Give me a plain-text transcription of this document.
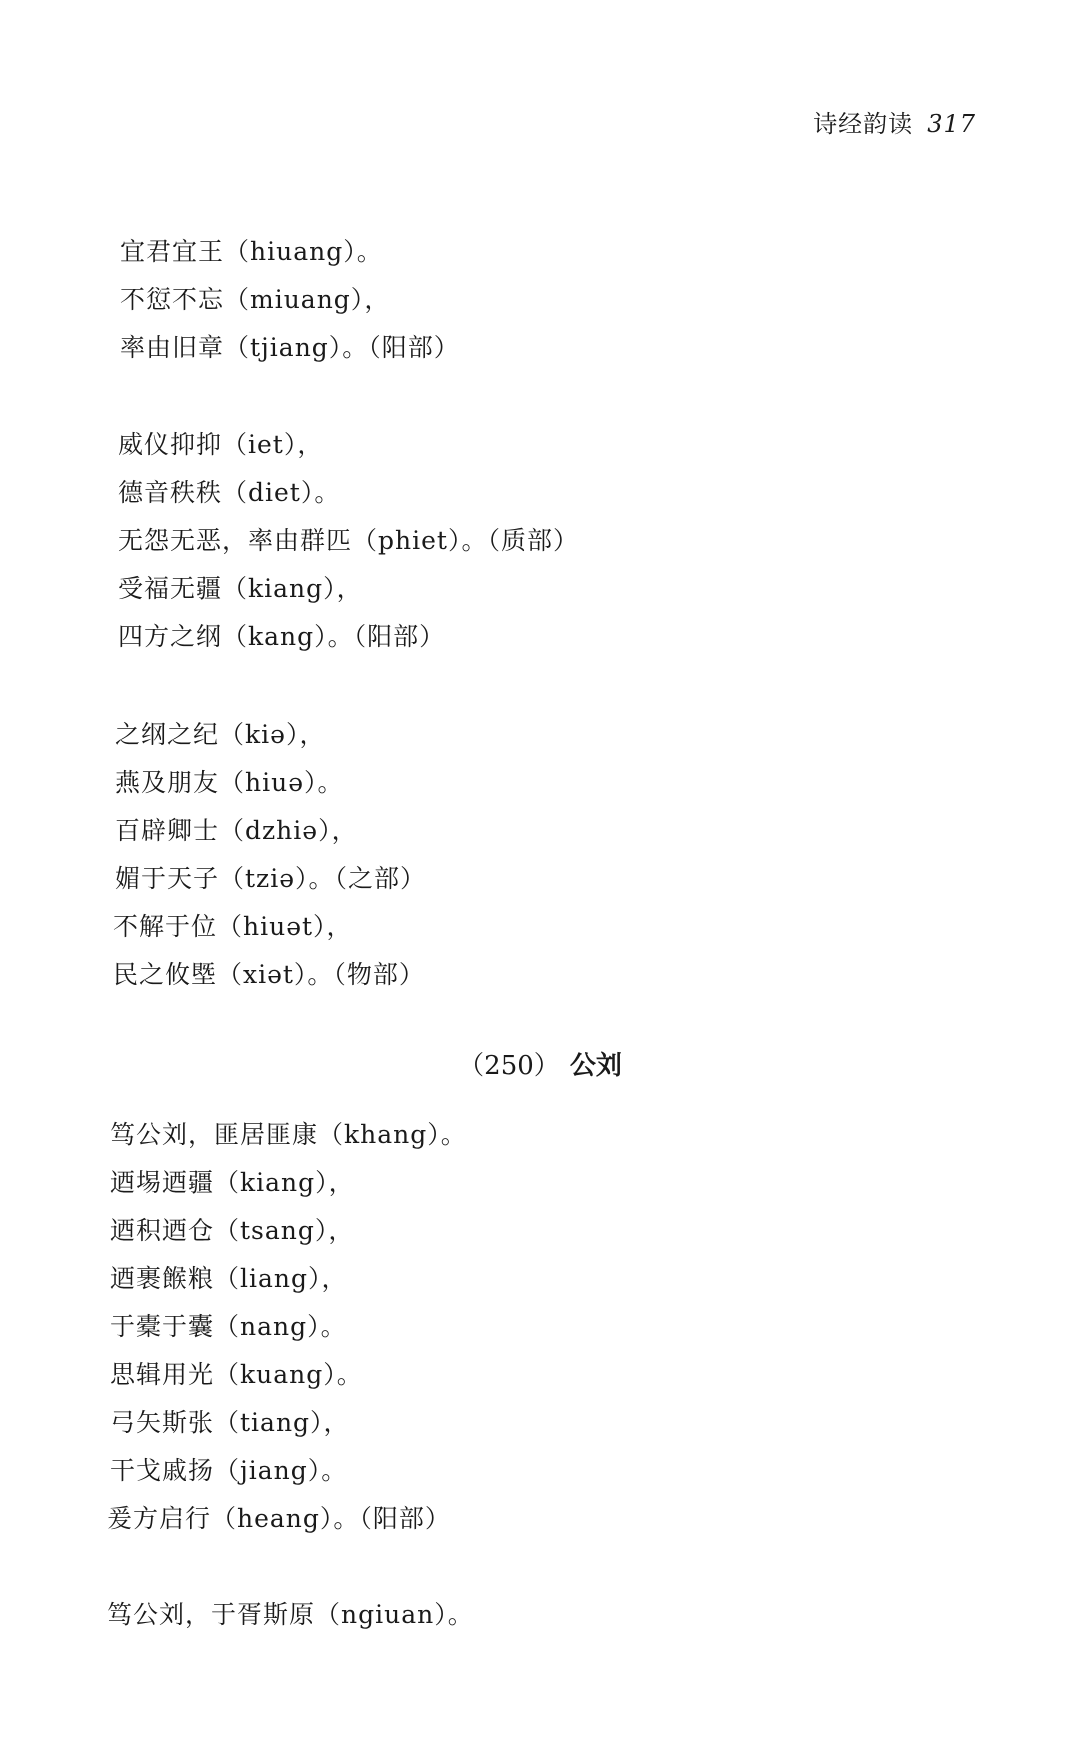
诗经韵读 317
宜君宜王（hiuang）。
不愆不忘（miuang），
率由旧章（tjiang）。（阳部）
威仪抑抑（iet），
德音秩秩（diet）。
无怨无恶，率由群匹（phiet）。（质部）
受福无疆（kiang），
四方之纲（kang）。（阳部）
之纲之纪（kiə），
燕及朋友（hiuə）。
百辟卿士（dzhiə），
媚于天子（tziə）。（之部）
不解于位（hiuət），
民之攸塈（xiət）。（物部）
（250） 公刘
笃公刘，匪居匪康（khang）。
迺埸迺疆（kiang），
迺积迺仓（tsang），
迺裹餱粮（liang），
于橐于囊（nang）。
思辑用光（kuang）。
弓矢斯张（tiang），
干戈戚扬（jiang）。
爰方启行（heang）。（阳部）
笃公刘，于胥斯原（ngiuan）。
